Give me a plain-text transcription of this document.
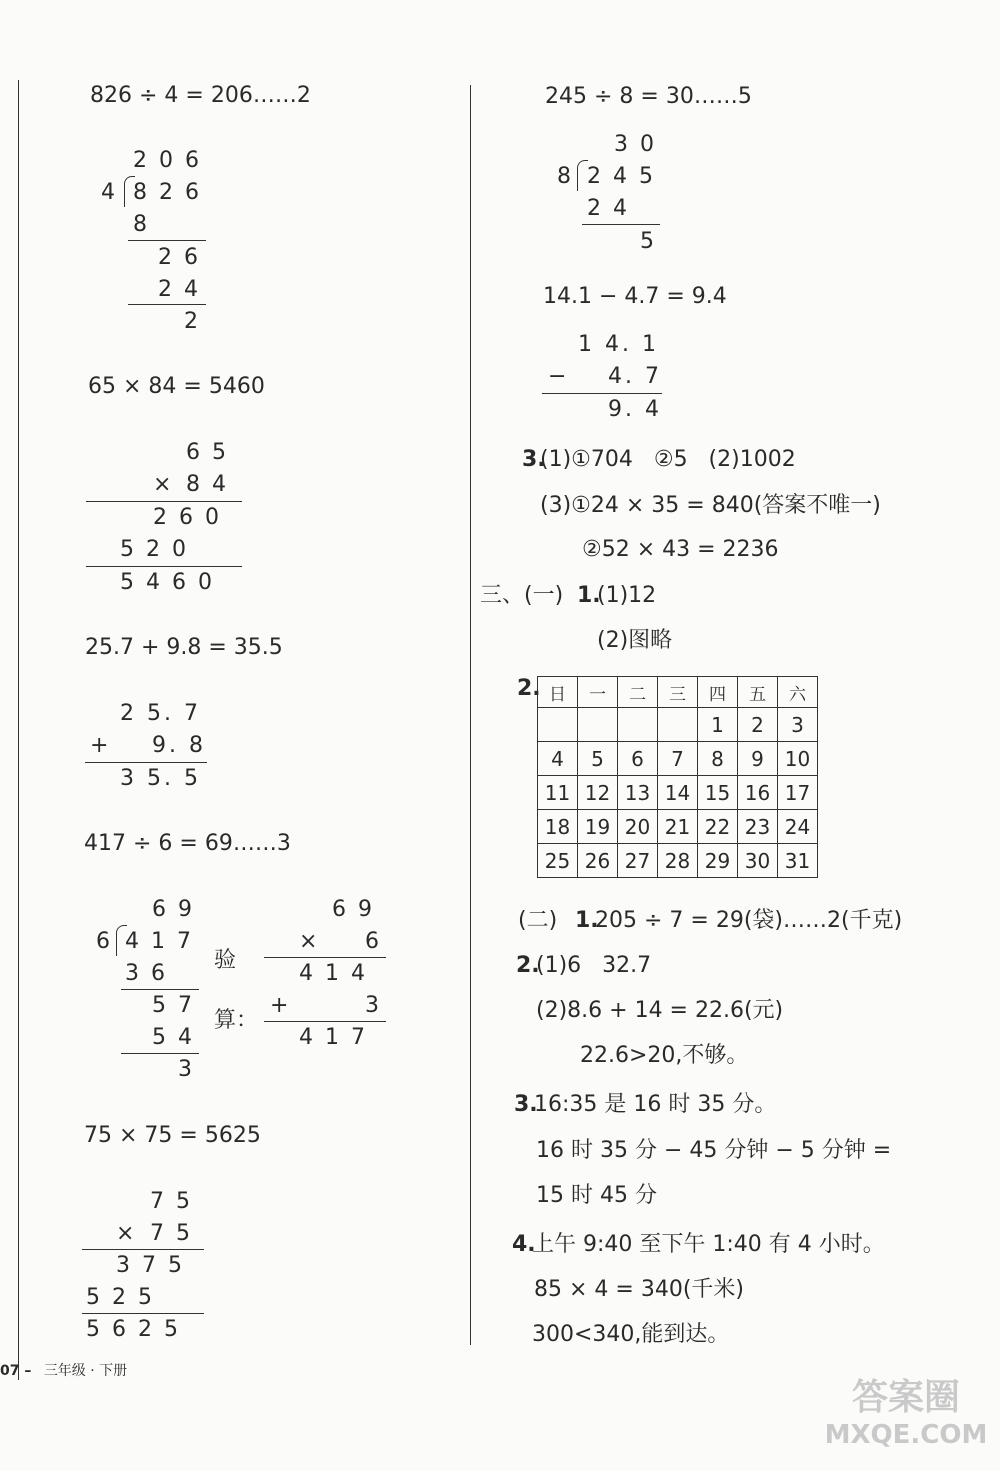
826 ÷ 4 = 206……2
206
4 826
8
26
24
2
65 × 84 = 5460
65
× 84
260
520
5460
25.7 + 9.8 = 35.5
2 5. 7
+ 9. 8
3 5. 5
417 ÷ 6 = 69……3
69
6 417
36
57
54
3
验
算：
69
× 6
414
+	3
417
75 × 75 = 5625
75
× 75
375
525
5625
245 ÷ 8 = 30……5
30
8 245
24
5
14.1 − 4.7 = 9.4
1 4. 1
− 4. 7
9. 4
3.
(1)①704   ②5   (2)1002
(3)①24 × 35 = 840(答案不唯一)
②52 × 43 = 2236
三、(一) 1.
(1)12
(2)图略
2. 日	一	二	三	四	五	六
				1	2	3
4	5	6	7	8	9	10
11	12	13	14	15	16	17
18	19	20	21	22	23	24
25	26	27	28	29	30	31
(二) 1.
205 ÷ 7 = 29(袋)……2(千克)
2.
(1)6   32.7
(2)8.6 + 14 = 22.6(元)
22.6>20,不够。
3.
16:35 是 16 时 35 分。
16 时 35 分 − 45 分钟 − 5 分钟 =
15 时 45 分
4.
上午 9:40 至下午 1:40 有 4 小时。
85 × 4 = 340(千米)
300<340,能到达。
07 – 三年级 · 下册
答案圈
MXQE.COM
